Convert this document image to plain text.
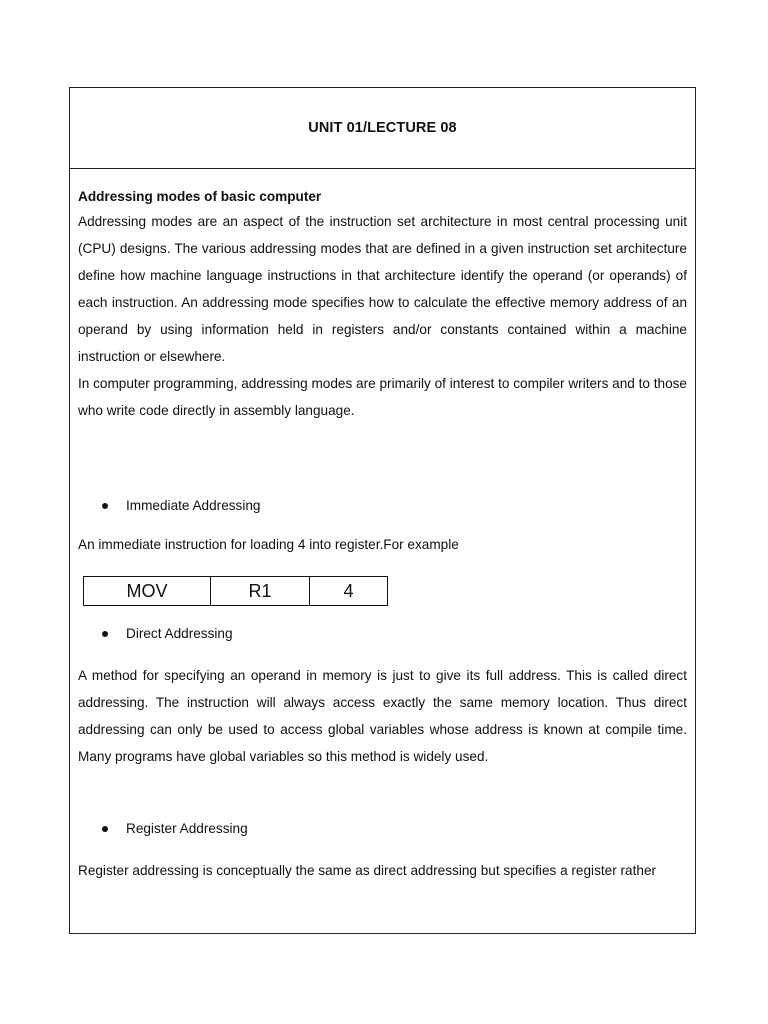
UNIT 01/LECTURE 08
Addressing modes of basic computer

Addressing modes are an aspect of the instruction set architecture in most central processing unit (CPU) designs. The various addressing modes that are defined in a given instruction set architecture define how machine language instructions in that architecture identify the operand (or operands) of each instruction. An addressing mode specifies how to calculate the effective memory address of an operand by using information held in registers and/or constants contained within a machine instruction or elsewhere.

In computer programming, addressing modes are primarily of interest to compiler writers and to those who write code directly in assembly language.

Immediate Addressing

An immediate instruction for loading 4 into register.For example

MOV	R1	4
Direct Addressing

A method for specifying an operand in memory is just to give its full address. This is called direct addressing. The instruction will always access exactly the same memory location. Thus direct addressing can only be used to access global variables whose address is known at compile time. Many programs have global variables so this method is widely used.

Register Addressing

Register addressing is conceptually the same as direct addressing but specifies a register rather
